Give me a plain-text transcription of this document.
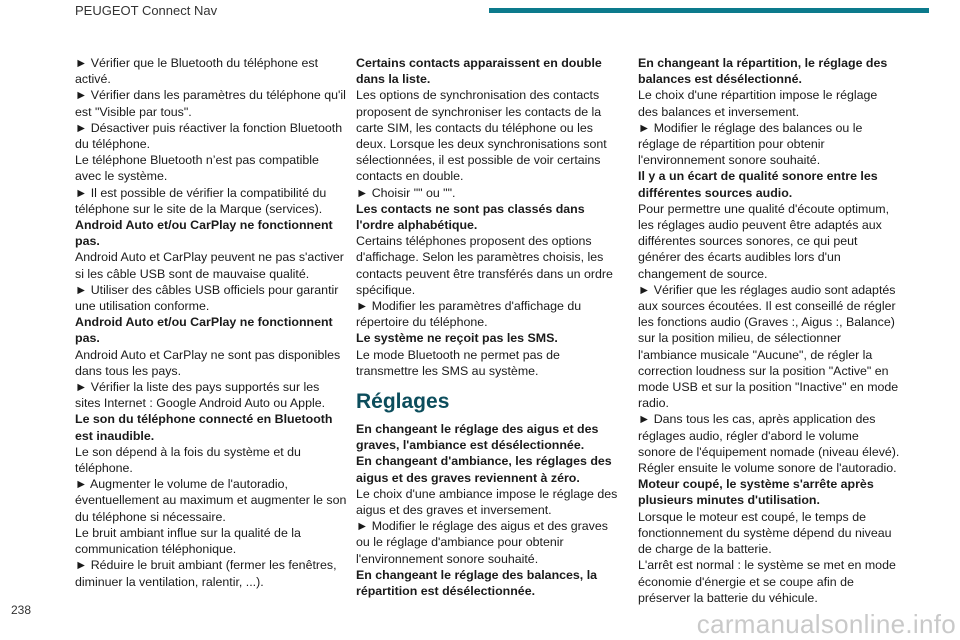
PEUGEOT Connect Nav

► Vérifier que le Bluetooth du téléphone est activé.

► Vérifier dans les paramètres du téléphone qu'il est "Visible par tous".

► Désactiver puis réactiver la fonction Bluetooth du téléphone.

Le téléphone Bluetooth n’est pas compatible avec le système.

► Il est possible de vérifier la compatibilité du téléphone sur le site de la Marque (services).

Android Auto et/ou CarPlay ne fonctionnent pas.

Android Auto et CarPlay peuvent ne pas s'activer si les câble USB sont de mauvaise qualité.

► Utiliser des câbles USB officiels pour garantir une utilisation conforme.

Android Auto et/ou CarPlay ne fonctionnent pas.

Android Auto et CarPlay ne sont pas disponibles dans tous les pays.

► Vérifier la liste des pays supportés sur les sites Internet : Google Android Auto ou Apple.

Le son du téléphone connecté en Bluetooth est inaudible.

Le son dépend à la fois du système et du téléphone.

► Augmenter le volume de l'autoradio, éventuellement au maximum et augmenter le son du téléphone si nécessaire.

Le bruit ambiant influe sur la qualité de la communication téléphonique.

► Réduire le bruit ambiant (fermer les fenêtres, diminuer la ventilation, ralentir, ...).

Certains contacts apparaissent en double dans la liste.

Les options de synchronisation des contacts proposent de synchroniser les contacts de la carte SIM, les contacts du téléphone ou les deux. Lorsque les deux synchronisations sont sélectionnées, il est possible de voir certains contacts en double.

► Choisir "" ou "".

Les contacts ne sont pas classés dans l'ordre alphabétique.

Certains téléphones proposent des options d'affichage. Selon les paramètres choisis, les contacts peuvent être transférés dans un ordre spécifique.

► Modifier les paramètres d'affichage du répertoire du téléphone.

Le système ne reçoit pas les SMS.

Le mode Bluetooth ne permet pas de transmettre les SMS au système.

Réglages

En changeant le réglage des aigus et des graves, l'ambiance est désélectionnée.

En changeant d'ambiance, les réglages des aigus et des graves reviennent à zéro.

Le choix d'une ambiance impose le réglage des aigus et des graves et inversement.

► Modifier le réglage des aigus et des graves ou le réglage d'ambiance pour obtenir l'environnement sonore souhaité.

En changeant le réglage des balances, la répartition est désélectionnée.

En changeant la répartition, le réglage des balances est désélectionné.

Le choix d'une répartition impose le réglage des balances et inversement.

► Modifier le réglage des balances ou le réglage de répartition pour obtenir l'environnement sonore souhaité.

Il y a un écart de qualité sonore entre les différentes sources audio.

Pour permettre une qualité d'écoute optimum, les réglages audio peuvent être adaptés aux différentes sources sonores, ce qui peut générer des écarts audibles lors d'un changement de source.

► Vérifier que les réglages audio sont adaptés aux sources écoutées. Il est conseillé de régler les fonctions audio (Graves :, Aigus :, Balance) sur la position milieu, de sélectionner l'ambiance musicale "Aucune", de régler la correction loudness sur la position "Active" en mode USB et sur la position "Inactive" en mode radio.

► Dans tous les cas, après application des réglages audio, régler d'abord le volume sonore de l'équipement nomade (niveau élevé). Régler ensuite le volume sonore de l'autoradio.

Moteur coupé, le système s'arrête après plusieurs minutes d'utilisation.

Lorsque le moteur est coupé, le temps de fonctionnement du système dépend du niveau de charge de la batterie.

L'arrêt est normal : le système se met en mode économie d'énergie et se coupe afin de préserver la batterie du véhicule.

238	carmanualsonline.info
